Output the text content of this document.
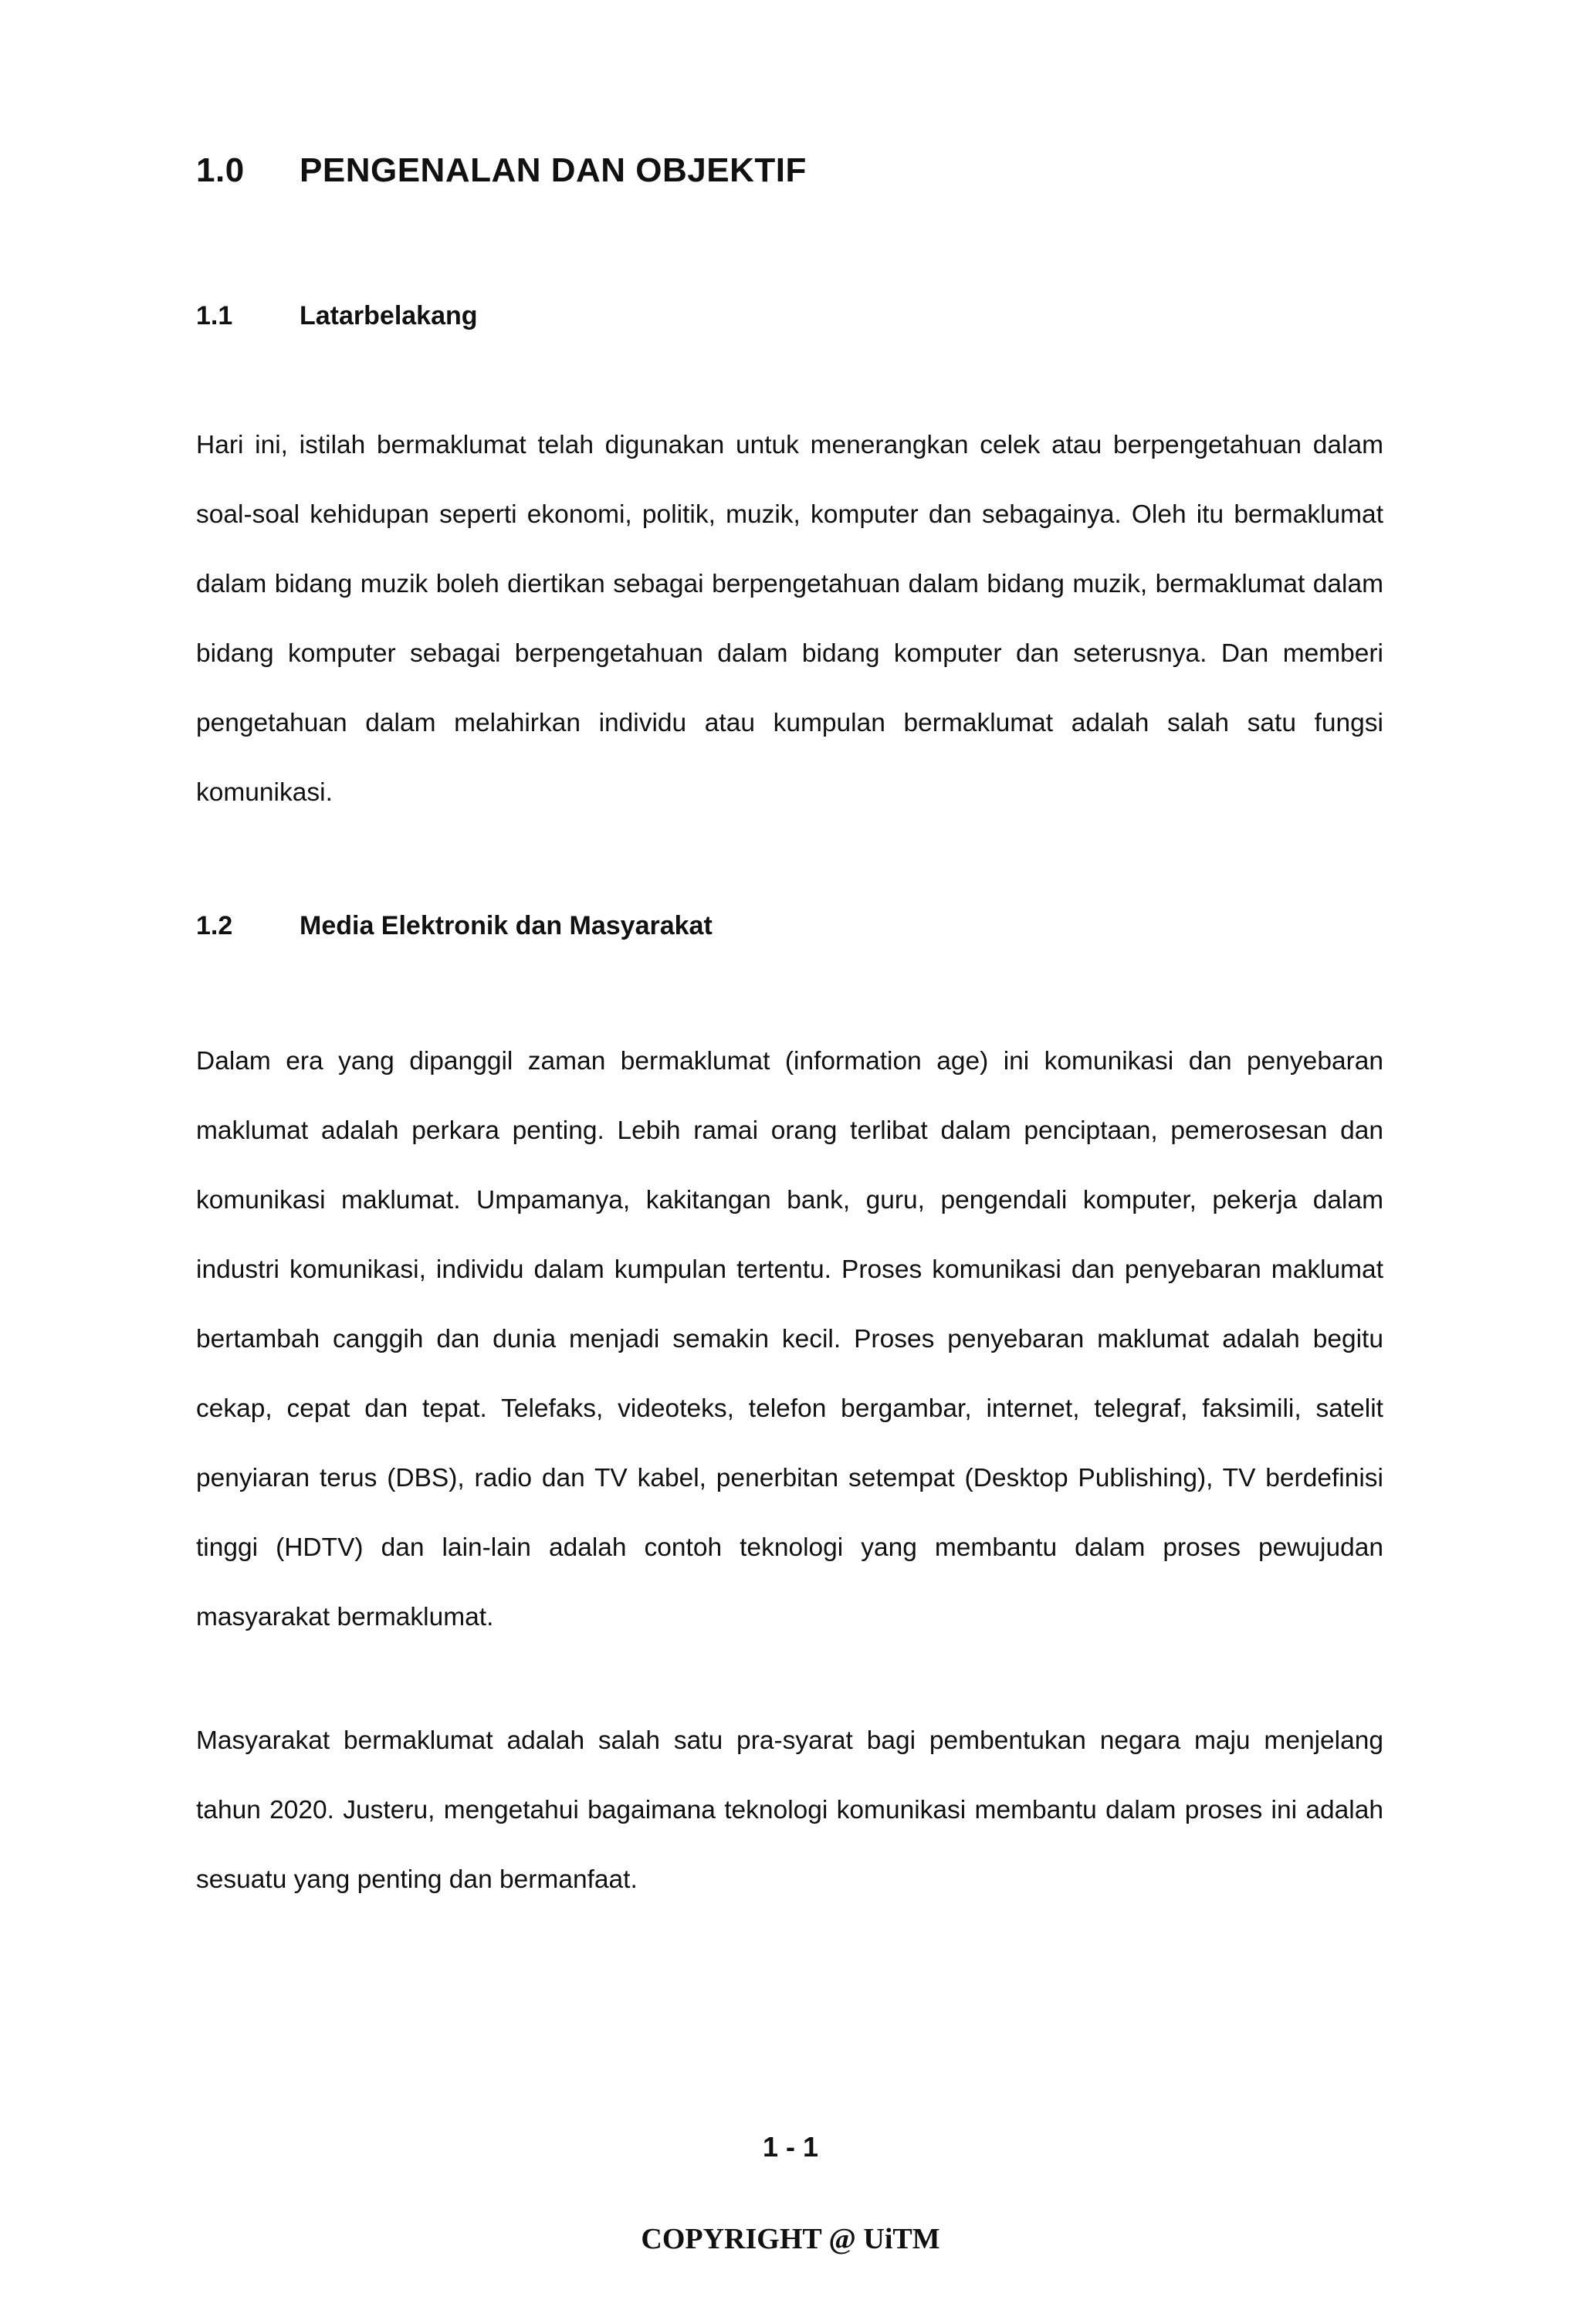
1.0 PENGENALAN DAN OBJEKTIF
1.1	Latarbelakang

Hari ini, istilah bermaklumat telah digunakan untuk menerangkan celek atau berpengetahuan dalam soal-soal kehidupan seperti ekonomi, politik, muzik, komputer dan sebagainya. Oleh itu bermaklumat dalam bidang muzik boleh diertikan sebagai berpengetahuan dalam bidang muzik, bermaklumat dalam bidang komputer sebagai berpengetahuan dalam bidang komputer dan seterusnya. Dan memberi pengetahuan dalam melahirkan individu atau kumpulan bermaklumat adalah salah satu fungsi komunikasi.

1.2	Media Elektronik dan Masyarakat

Dalam era yang dipanggil zaman bermaklumat (information age) ini komunikasi dan penyebaran maklumat adalah perkara penting. Lebih ramai orang terlibat dalam penciptaan, pemerosesan dan komunikasi maklumat. Umpamanya, kakitangan bank, guru, pengendali komputer, pekerja dalam industri komunikasi, individu dalam kumpulan tertentu. Proses komunikasi dan penyebaran maklumat bertambah canggih dan dunia menjadi semakin kecil. Proses penyebaran maklumat adalah begitu cekap, cepat dan tepat. Telefaks, videoteks, telefon bergambar, internet, telegraf, faksimili, satelit penyiaran terus (DBS), radio dan TV kabel, penerbitan setempat (Desktop Publishing), TV berdefinisi tinggi (HDTV) dan lain-lain adalah contoh teknologi yang membantu dalam proses pewujudan masyarakat bermaklumat.

Masyarakat bermaklumat adalah salah satu pra-syarat bagi pembentukan negara maju menjelang tahun 2020. Justeru, mengetahui bagaimana teknologi komunikasi membantu dalam proses ini adalah sesuatu yang penting dan bermanfaat.

1 - 1
COPYRIGHT @ UiTM
